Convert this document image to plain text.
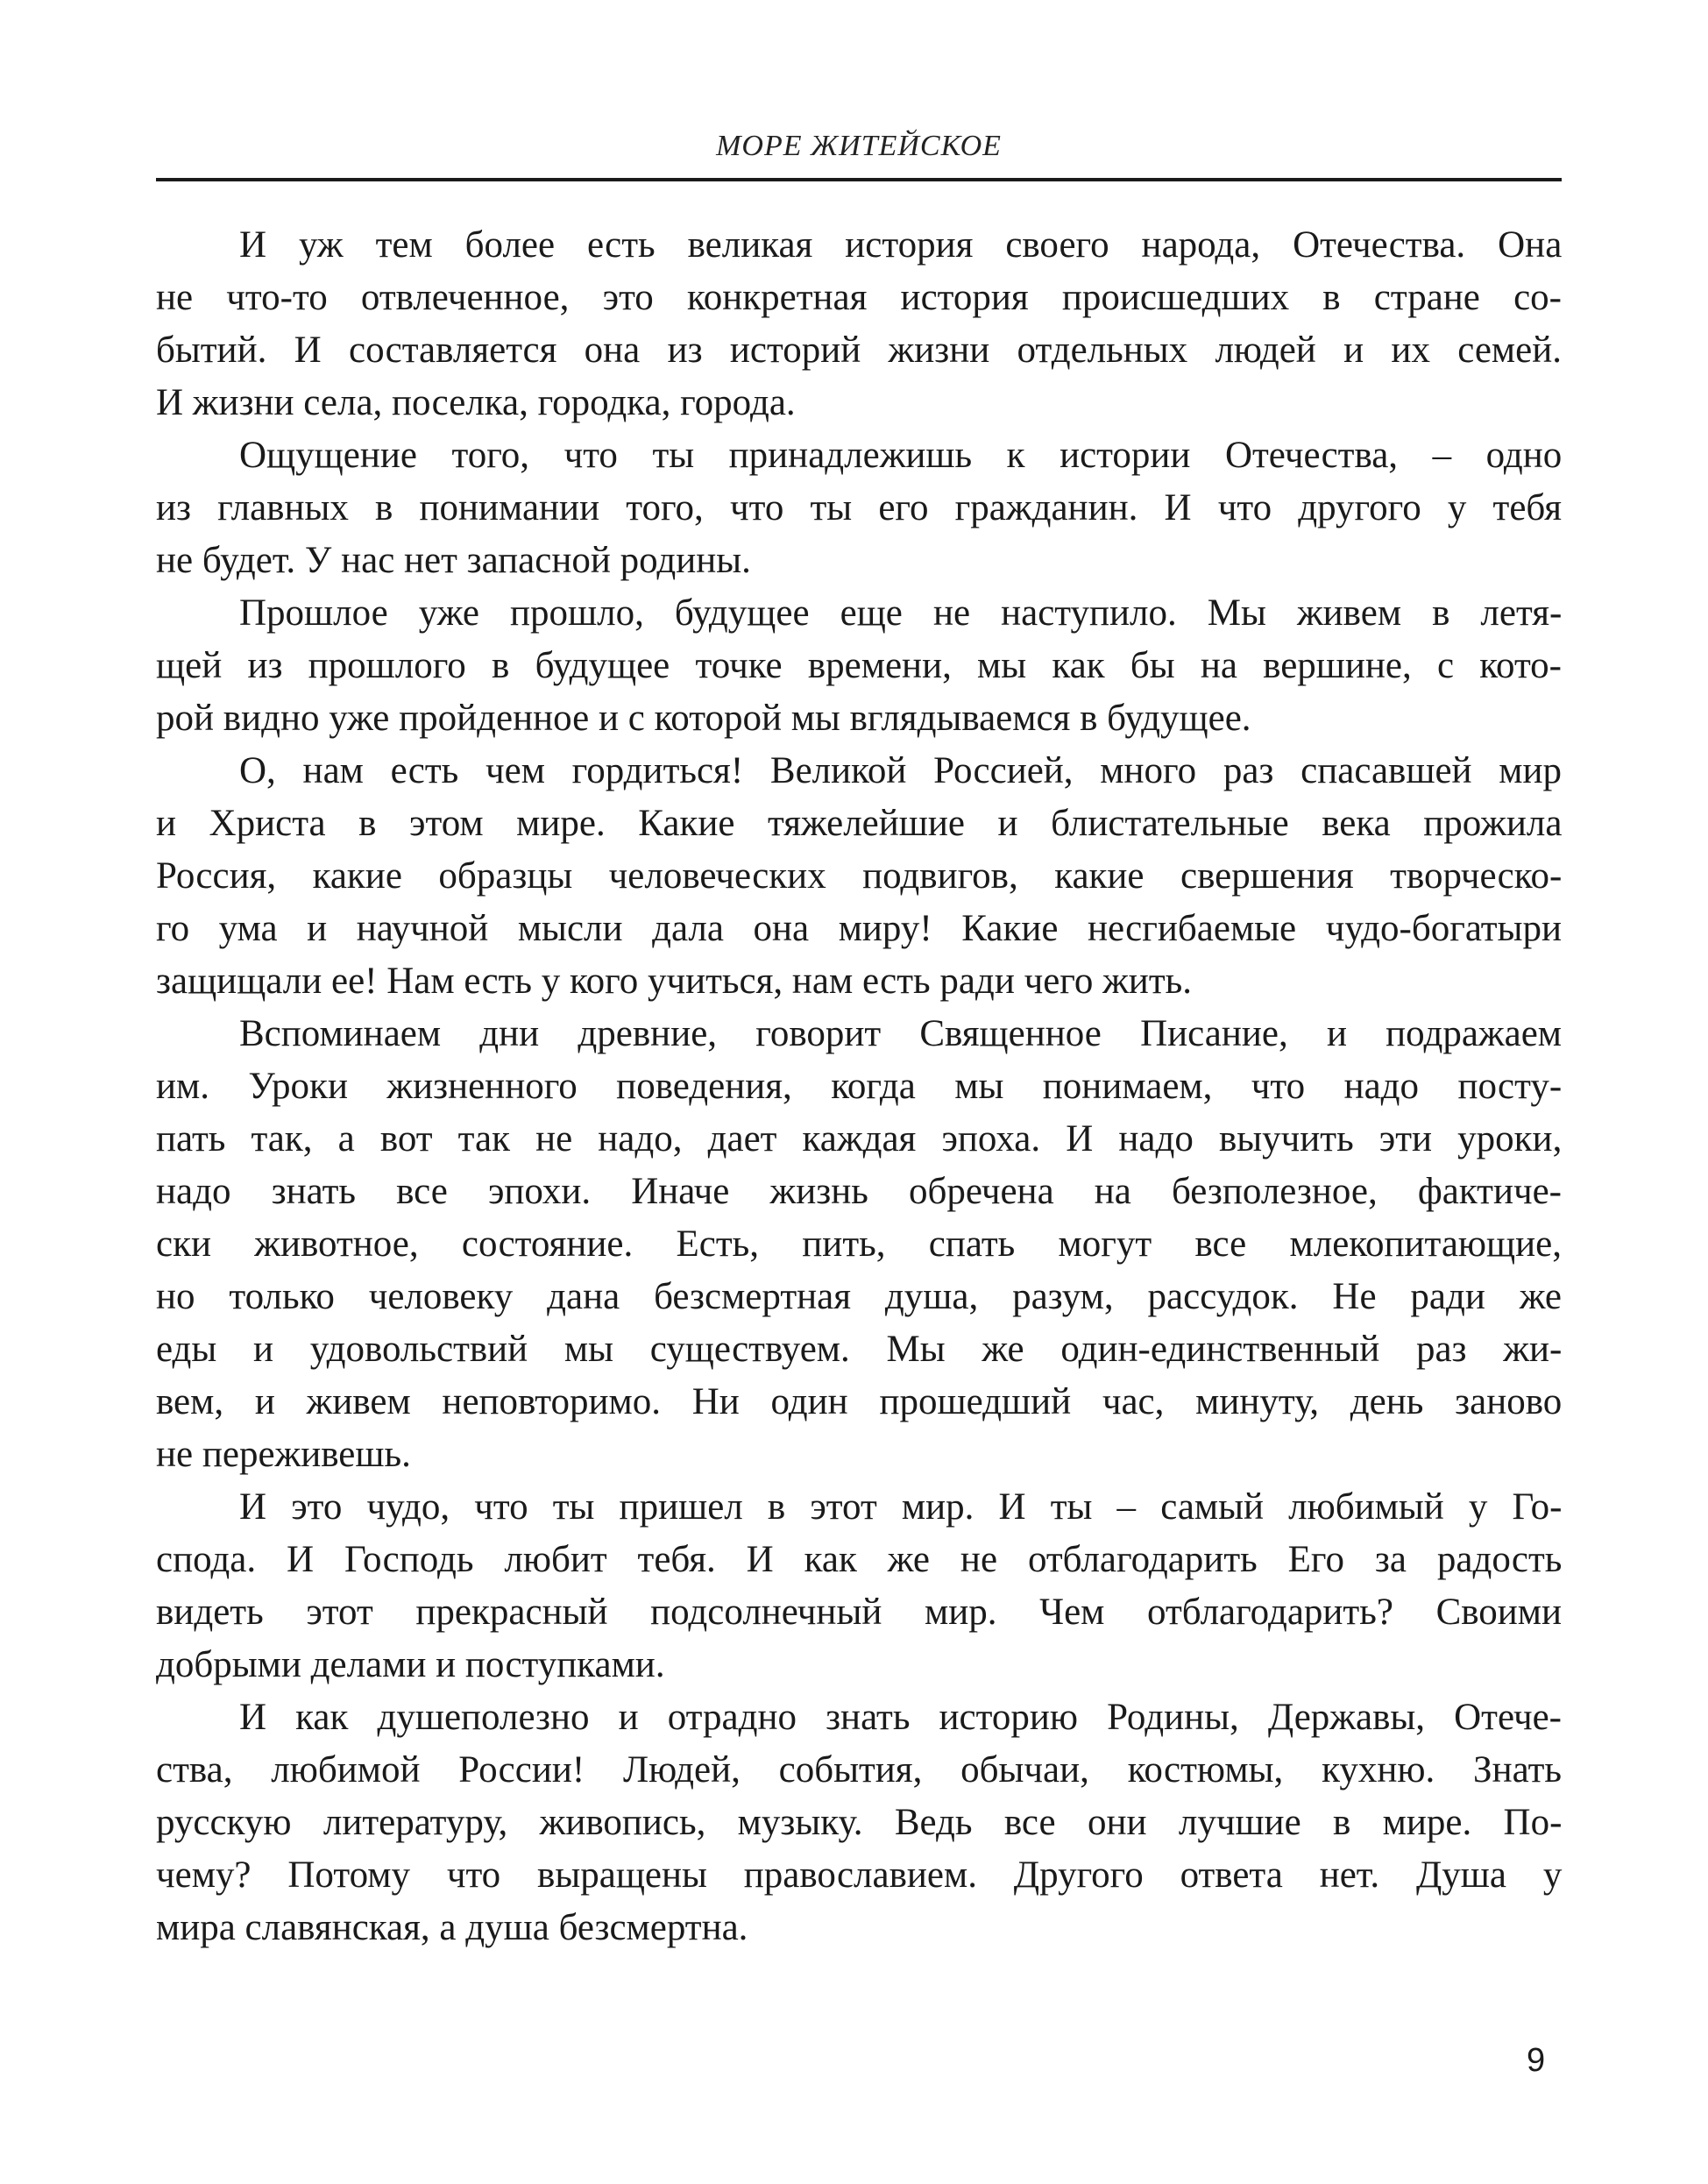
МОРЕ ЖИТЕЙСКОЕ
И уж тем более есть великая история своего народа, Отечества. Она
не что-то отвлеченное, это конкретная история происшедших в стране со-
бытий. И составляется она из историй жизни отдельных людей и их семей.
И жизни села, поселка, городка, города.
Ощущение того, что ты принадлежишь к истории Отечества, – одно
из главных в понимании того, что ты его гражданин. И что другого у тебя
не будет. У нас нет запасной родины.
Прошлое уже прошло, будущее еще не наступило. Мы живем в летя-
щей из прошлого в будущее точке времени, мы как бы на вершине, с кото-
рой видно уже пройденное и с которой мы вглядываемся в будущее.
О, нам есть чем гордиться! Великой Россией, много раз спасавшей мир
и Христа в этом мире. Какие тяжелейшие и блистательные века прожила
Россия, какие образцы человеческих подвигов, какие свершения творческо-
го ума и научной мысли дала она миру! Какие несгибаемые чудо-богатыри
защищали ее! Нам есть у кого учиться, нам есть ради чего жить.
Вспоминаем дни древние, говорит Священное Писание, и подражаем
им. Уроки жизненного поведения, когда мы понимаем, что надо посту-
пать так, а вот так не надо, дает каждая эпоха. И надо выучить эти уроки,
надо знать все эпохи. Иначе жизнь обречена на безполезное, фактиче-
ски животное, состояние. Есть, пить, спать могут все млекопитающие,
но только человеку дана безсмертная душа, разум, рассудок. Не ради же
еды и удовольствий мы существуем. Мы же один-единственный раз жи-
вем, и живем неповторимо. Ни один прошедший час, минуту, день заново
не переживешь.
И это чудо, что ты пришел в этот мир. И ты – самый любимый у Го-
спода. И Господь любит тебя. И как же не отблагодарить Его за радость
видеть этот прекрасный подсолнечный мир. Чем отблагодарить? Своими
добрыми делами и поступками.
И как душеполезно и отрадно знать историю Родины, Державы, Отече-
ства, любимой России! Людей, события, обычаи, костюмы, кухню. Знать
русскую литературу, живопись, музыку. Ведь все они лучшие в мире. По-
чему? Потому что выращены православием. Другого ответа нет. Душа у
мира славянская, а душа безсмертна.
9
